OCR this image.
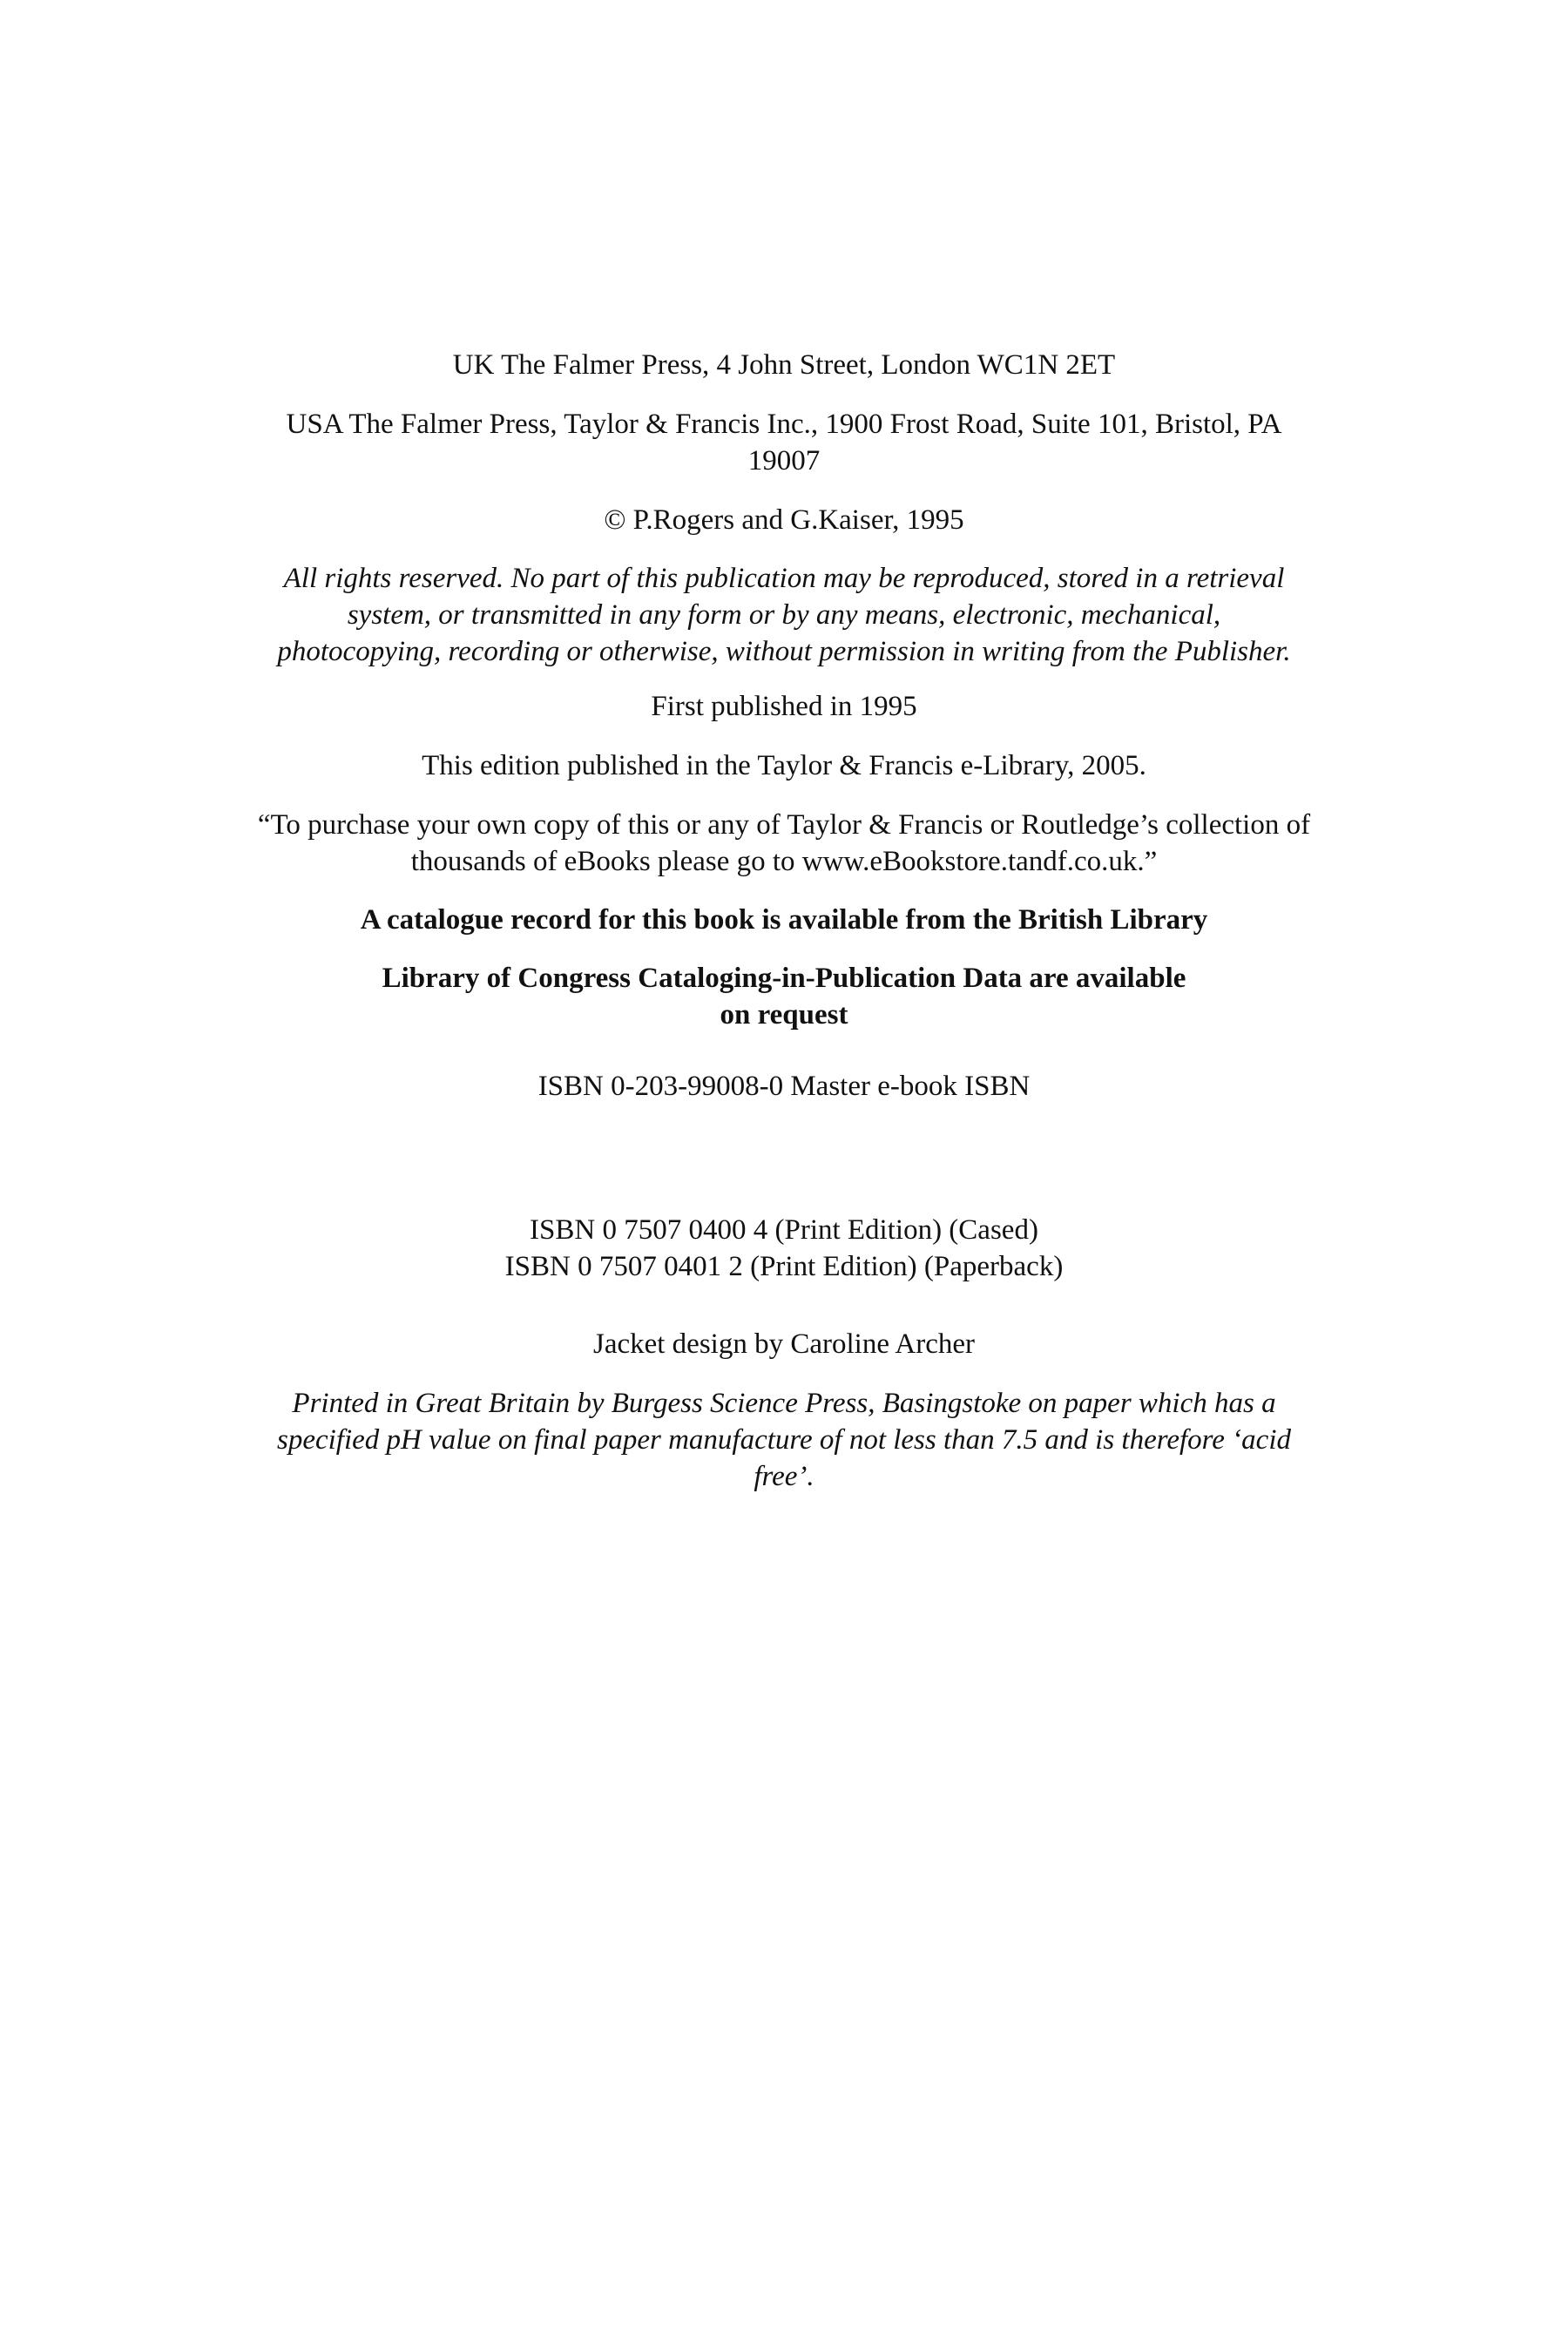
UK The Falmer Press, 4 John Street, London WC1N 2ET

USA The Falmer Press, Taylor & Francis Inc., 1900 Frost Road, Suite 101, Bristol, PA
19007

© P.Rogers and G.Kaiser, 1995

All rights reserved. No part of this publication may be reproduced, stored in a retrieval
system, or transmitted in any form or by any means, electronic, mechanical,
photocopying, recording or otherwise, without permission in writing from the Publisher.

First published in 1995

This edition published in the Taylor & Francis e-Library, 2005.

“To purchase your own copy of this or any of Taylor & Francis or Routledge’s collection of
thousands of eBooks please go to www.eBookstore.tandf.co.uk.”

A catalogue record for this book is available from the British Library

Library of Congress Cataloging-in-Publication Data are available
on request

ISBN 0-203-99008-0 Master e-book ISBN

ISBN 0 7507 0400 4 (Print Edition) (Cased)
ISBN 0 7507 0401 2 (Print Edition) (Paperback)

Jacket design by Caroline Archer

Printed in Great Britain by Burgess Science Press, Basingstoke on paper which has a
specified pH value on final paper manufacture of not less than 7.5 and is therefore ‘acid
free’.
